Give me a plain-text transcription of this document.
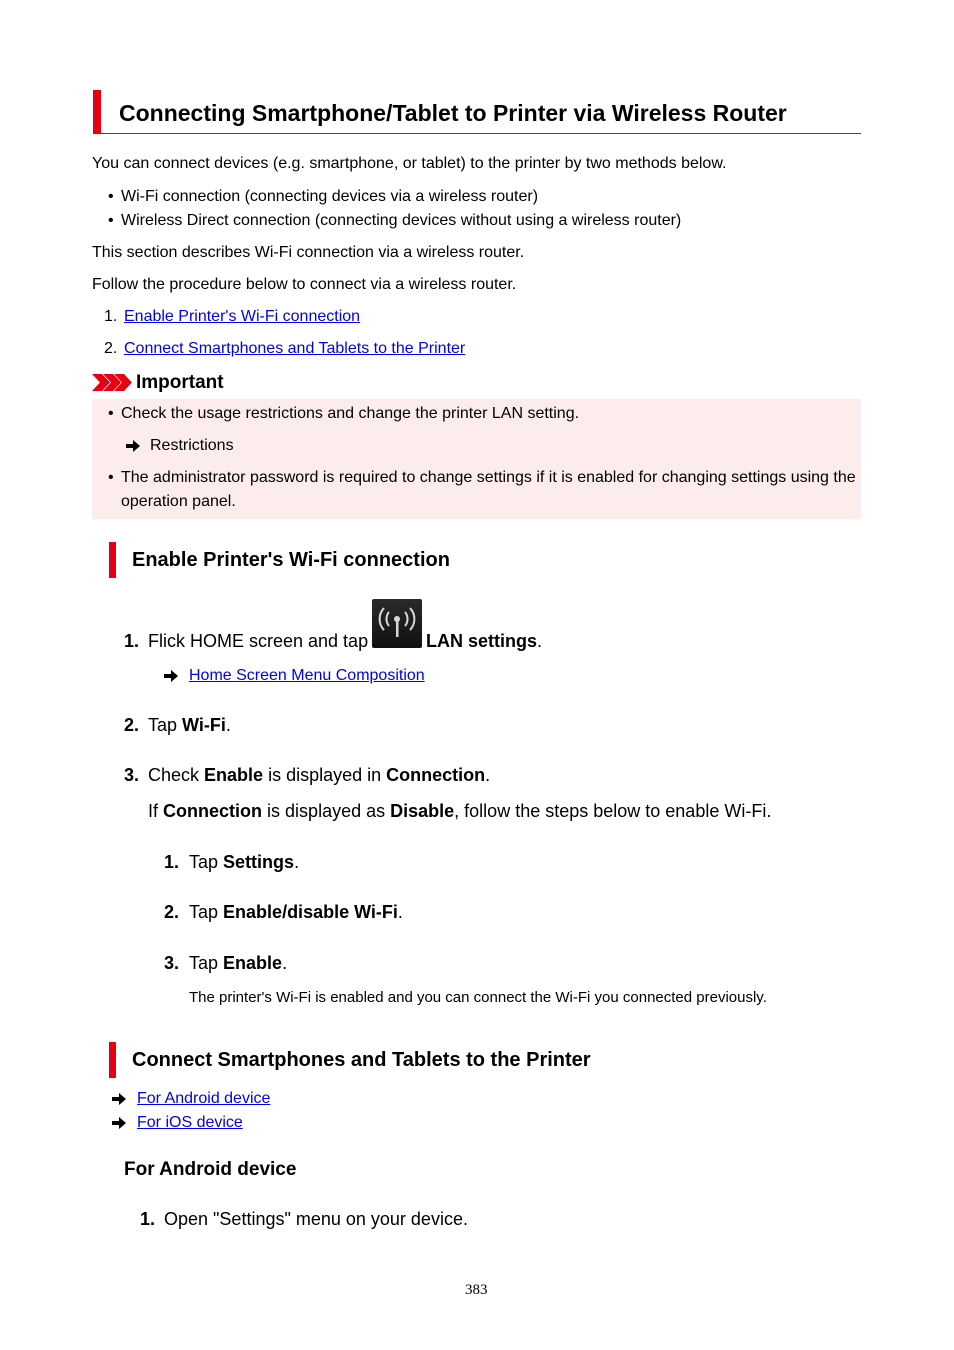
Connecting Smartphone/Tablet to Printer via Wireless Router
You can connect devices (e.g. smartphone, or tablet) to the printer by two methods below.
• Wi-Fi connection (connecting devices via a wireless router)
• Wireless Direct connection (connecting devices without using a wireless router)
This section describes Wi-Fi connection via a wireless router.
Follow the procedure below to connect via a wireless router.
1. Enable Printer's Wi-Fi connection
2. Connect Smartphones and Tablets to the Printer
Important
• Check the usage restrictions and change the printer LAN setting.
Restrictions
• The administrator password is required to change settings if it is enabled for changing settings using the
operation panel.
Enable Printer's Wi-Fi connection
1. Flick HOME screen and tap	LAN settings.
Home Screen Menu Composition
2. Tap Wi-Fi.
3. Check Enable is displayed in Connection.
If Connection is displayed as Disable, follow the steps below to enable Wi-Fi.
1. Tap Settings.
2. Tap Enable/disable Wi-Fi.
3. Tap Enable.
The printer's Wi-Fi is enabled and you can connect the Wi-Fi you connected previously.
Connect Smartphones and Tablets to the Printer
For Android device
For iOS device
For Android device
1. Open "Settings" menu on your device.
383
